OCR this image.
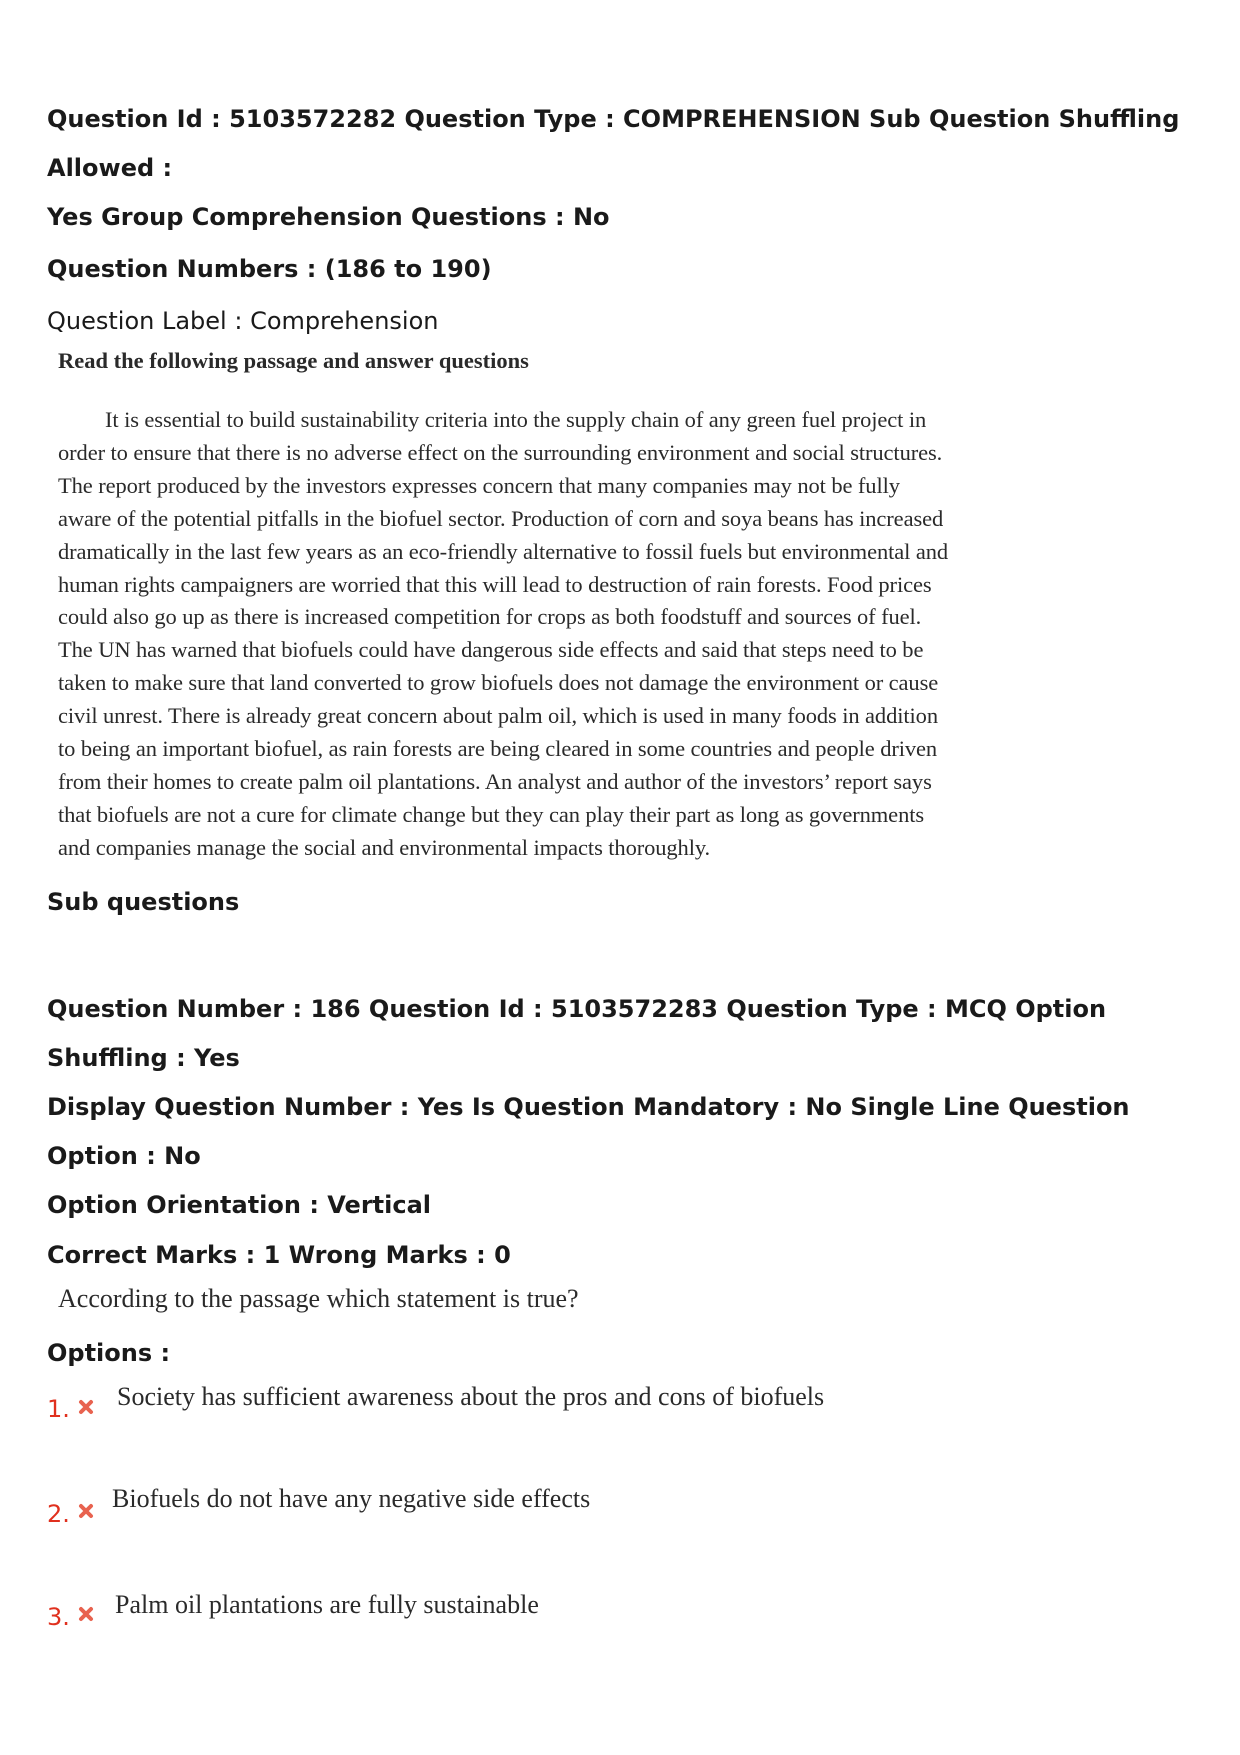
Question Id : 5103572282 Question Type : COMPREHENSION Sub Question Shuffling Allowed :

Yes Group Comprehension Questions : No

Question Numbers : (186 to 190)

Question Label : Comprehension

Read the following passage and answer questions

It is essential to build sustainability criteria into the supply chain of any green fuel project in order to ensure that there is no adverse effect on the surrounding environment and social structures. The report produced by the investors expresses concern that many companies may not be fully aware of the potential pitfalls in the biofuel sector. Production of corn and soya beans has increased dramatically in the last few years as an eco-friendly alternative to fossil fuels but environmental and human rights campaigners are worried that this will lead to destruction of rain forests. Food prices could also go up as there is increased competition for crops as both foodstuff and sources of fuel. The UN has warned that biofuels could have dangerous side effects and said that steps need to be taken to make sure that land converted to grow biofuels does not damage the environment or cause civil unrest. There is already great concern about palm oil, which is used in many foods in addition to being an important biofuel, as rain forests are being cleared in some countries and people driven from their homes to create palm oil plantations. An analyst and author of the investors’ report says that biofuels are not a cure for climate change but they can play their part as long as governments and companies manage the social and environmental impacts thoroughly.

Sub questions

Question Number : 186 Question Id : 5103572283 Question Type : MCQ Option Shuffling : Yes

Display Question Number : Yes Is Question Mandatory : No Single Line Question Option : No

Option Orientation : Vertical

Correct Marks : 1 Wrong Marks : 0

According to the passage which statement is true?

Options :

1. Society has sufficient awareness about the pros and cons of biofuels
2.
Biofuels do not have any negative side effects
3. Palm oil plantations are fully sustainable
